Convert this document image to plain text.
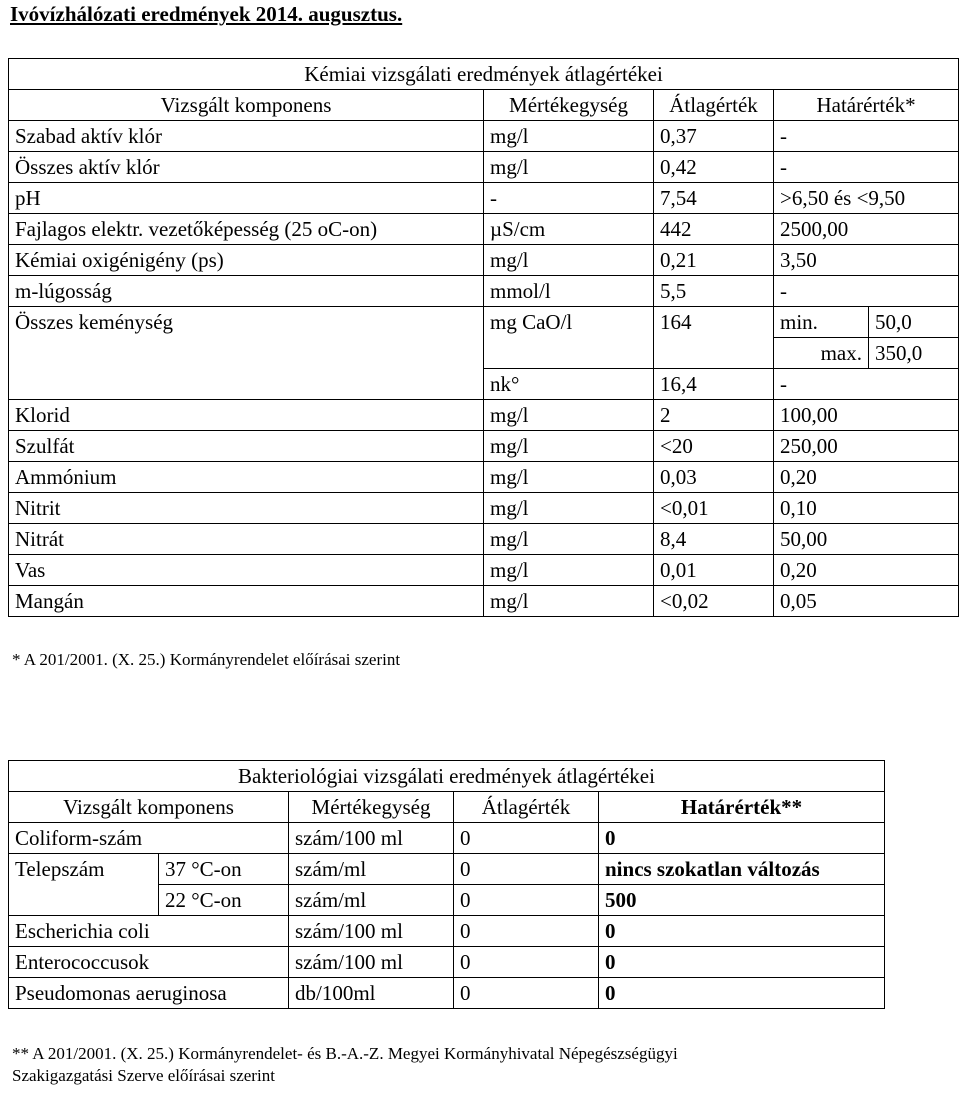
Ivóvízhálózati eredmények 2014. augusztus.
Kémiai vizsgálati eredmények átlagértékei				
Vizsgált komponens	Mértékegység	Átlagérték	Határérték*	
Szabad aktív klór	mg/l	0,37	-	
Összes aktív klór	mg/l	0,42	-	
pH	-	7,54	>6,50 és <9,50	
Fajlagos elektr. vezetőképesség (25 oC-on)	µS/cm	442	2500,00	
Kémiai oxigénigény (ps)	mg/l	0,21	3,50	
m-lúgosság	mmol/l	5,5	-	
Összes keménység	mg CaO/l	164	min.	50,0
			max.	350,0
	nk°	16,4	-	
Klorid	mg/l	2	100,00	
Szulfát	mg/l	<20	250,00	
Ammónium	mg/l	0,03	0,20	
Nitrit	mg/l	<0,01	0,10	
Nitrát	mg/l	8,4	50,00	
Vas	mg/l	0,01	0,20	
Mangán	mg/l	<0,02	0,05	
* A 201/2001. (X. 25.) Kormányrendelet előírásai szerint
Bakteriológiai vizsgálati eredmények átlagértékei				
Vizsgált komponens		Mértékegység	Átlagérték	Határérték**
Coliform-szám		szám/100 ml	0	0
Telepszám	37 °C-on	szám/ml	0	nincs szokatlan változás
	22 °C-on	szám/ml	0	500
Escherichia coli		szám/100 ml	0	0
Enterococcusok		szám/100 ml	0	0
Pseudomonas aeruginosa		db/100ml	0	0
** A 201/2001. (X. 25.) Kormányrendelet- és B.-A.-Z. Megyei Kormányhivatal Népegészségügyi
Szakigazgatási Szerve előírásai szerint
